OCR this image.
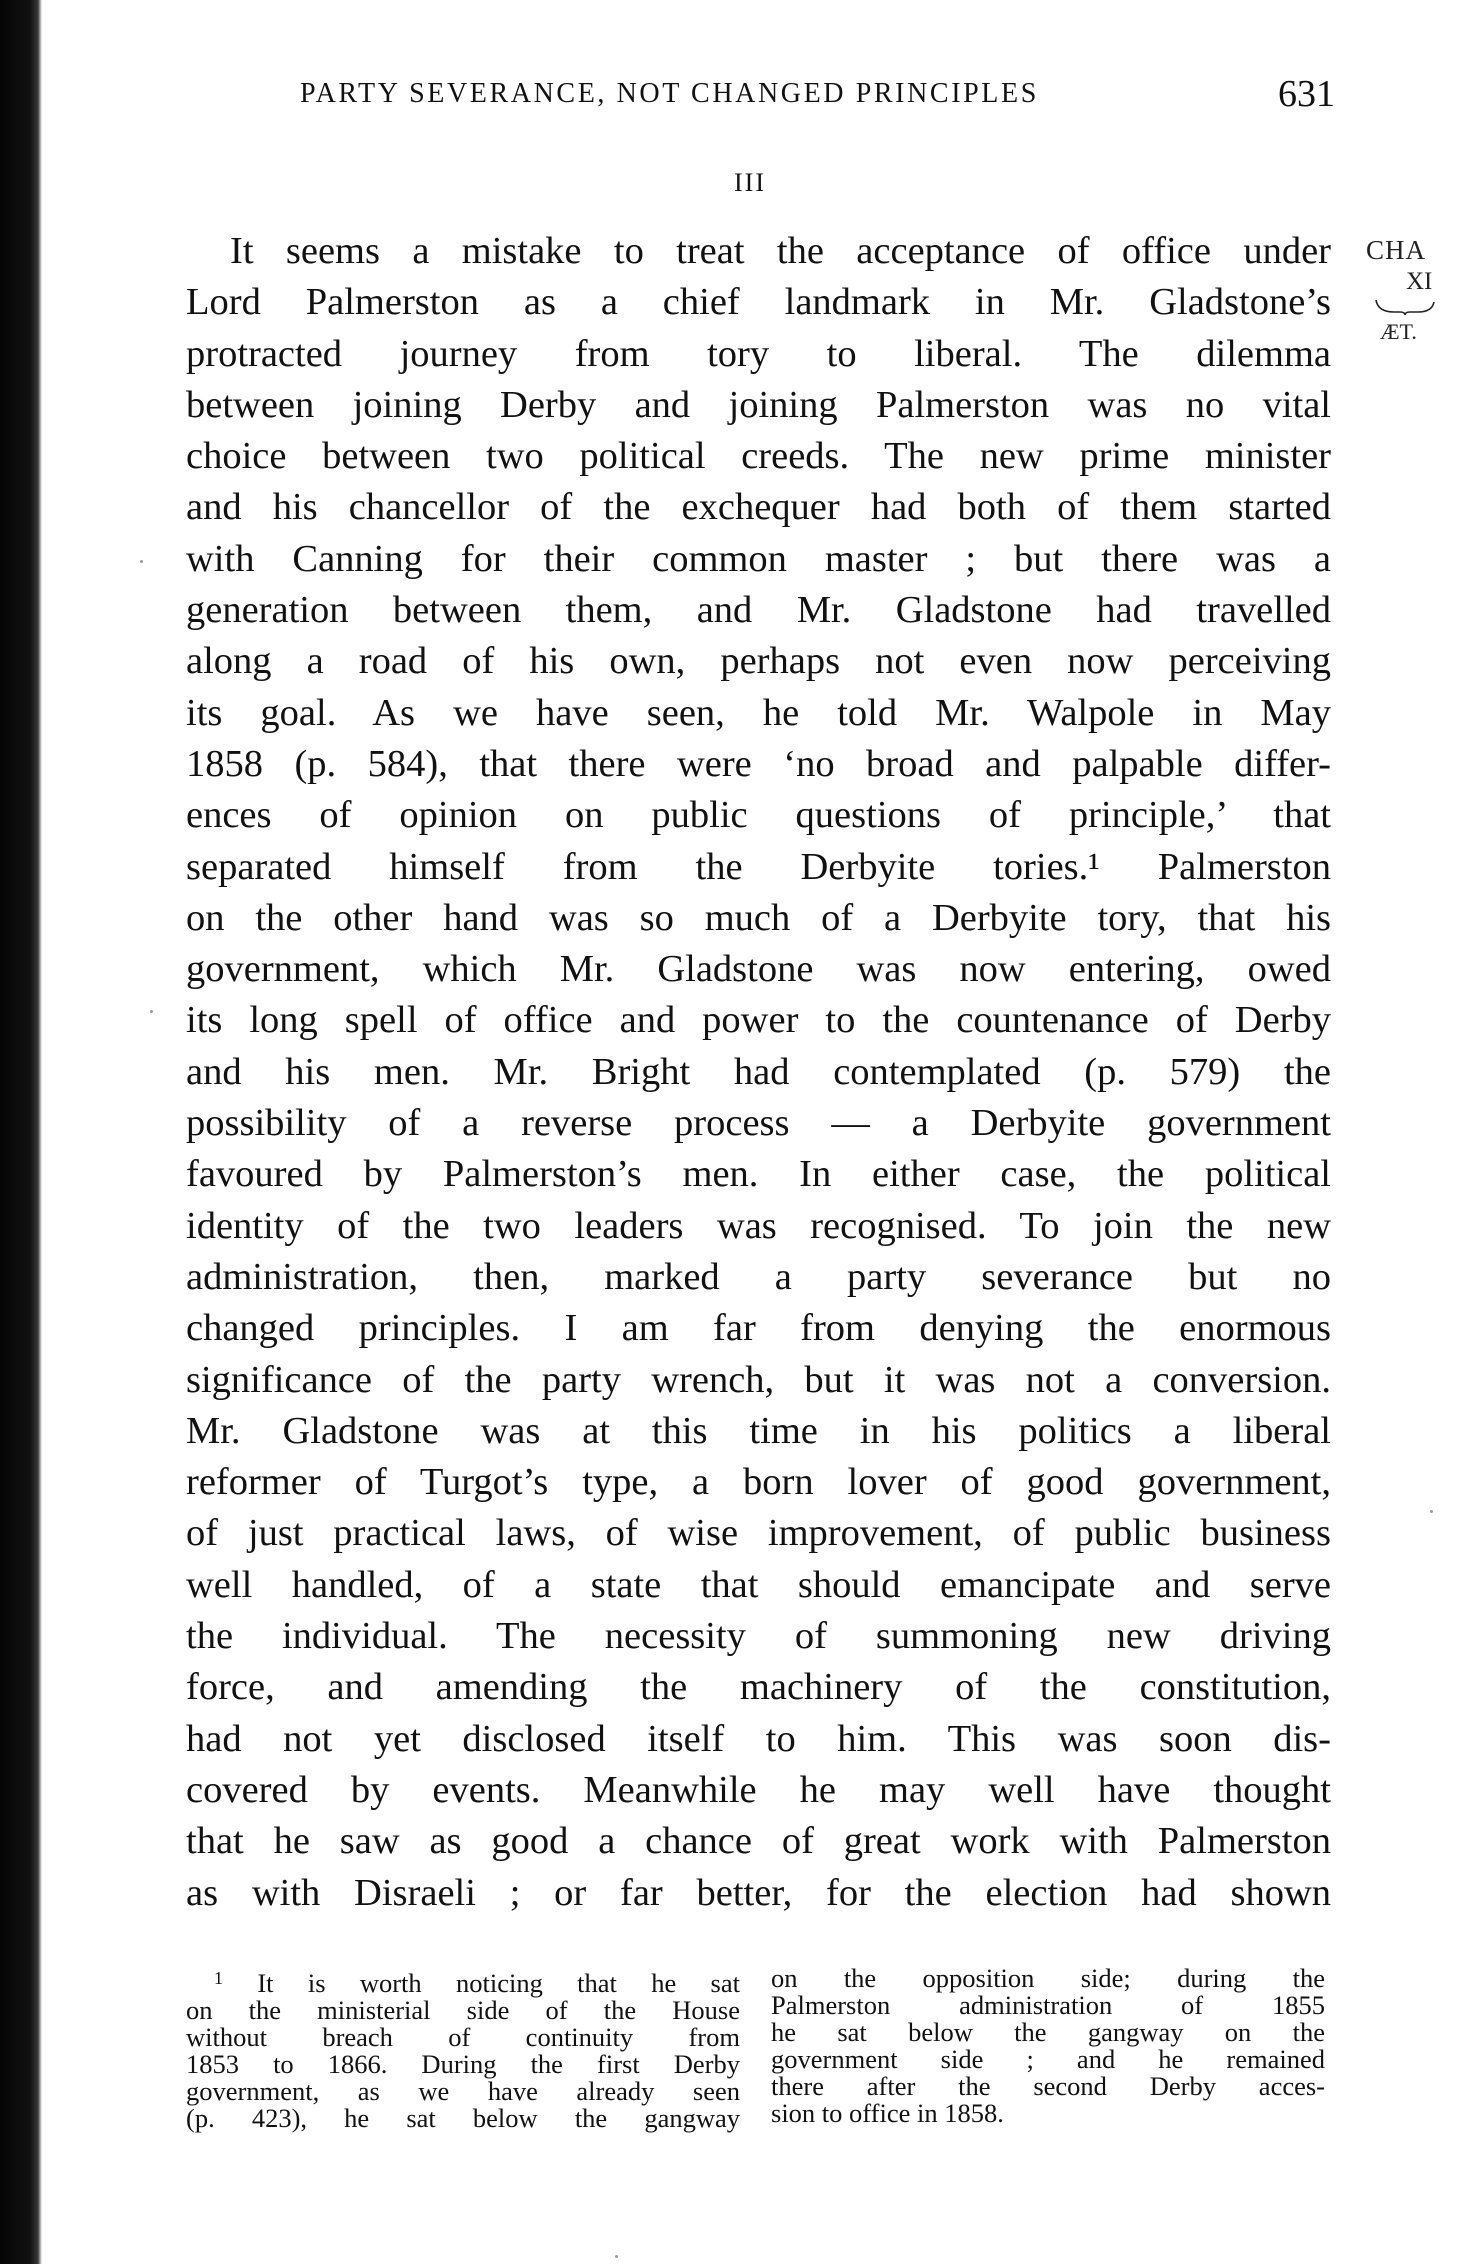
PARTY SEVERANCE, NOT CHANGED PRINCIPLES	631
III
It seems a mistake to treat the acceptance of office under
Lord Palmerston as a chief landmark in Mr. Gladstone’s
protracted journey from tory to liberal. The dilemma
between joining Derby and joining Palmerston was no vital
choice between two political creeds. The new prime minister
and his chancellor of the exchequer had both of them started
with Canning for their common master ; but there was a
generation between them, and Mr. Gladstone had travelled
along a road of his own, perhaps not even now perceiving
its goal. As we have seen, he told Mr. Walpole in May
1858 (p. 584), that there were ‘no broad and palpable differ-
ences of opinion on public questions of principle,’ that
separated himself from the Derbyite tories.¹ Palmerston
on the other hand was so much of a Derbyite tory, that his
government, which Mr. Gladstone was now entering, owed
its long spell of office and power to the countenance of Derby
and his men. Mr. Bright had contemplated (p. 579) the
possibility of a reverse process — a Derbyite government
favoured by Palmerston’s men. In either case, the political
identity of the two leaders was recognised. To join the new
administration, then, marked a party severance but no
changed principles. I am far from denying the enormous
significance of the party wrench, but it was not a conversion.
Mr. Gladstone was at this time in his politics a liberal
reformer of Turgot’s type, a born lover of good government,
of just practical laws, of wise improvement, of public business
well handled, of a state that should emancipate and serve
the individual. The necessity of summoning new driving
force, and amending the machinery of the constitution,
had not yet disclosed itself to him. This was soon dis-
covered by events. Meanwhile he may well have thought
that he saw as good a chance of great work with Palmerston
as with Disraeli ; or far better, for the election had shown
CHA
XI
ÆT.
$^1$ It is worth noticing that he sat
on the ministerial side of the House
without breach of continuity from
1853 to 1866. During the first Derby
government, as we have already seen
(p. 423), he sat below the gangway
on the opposition side; during the
Palmerston administration of 1855
he sat below the gangway on the
government side ; and he remained
there after the second Derby acces-
sion to office in 1858.
